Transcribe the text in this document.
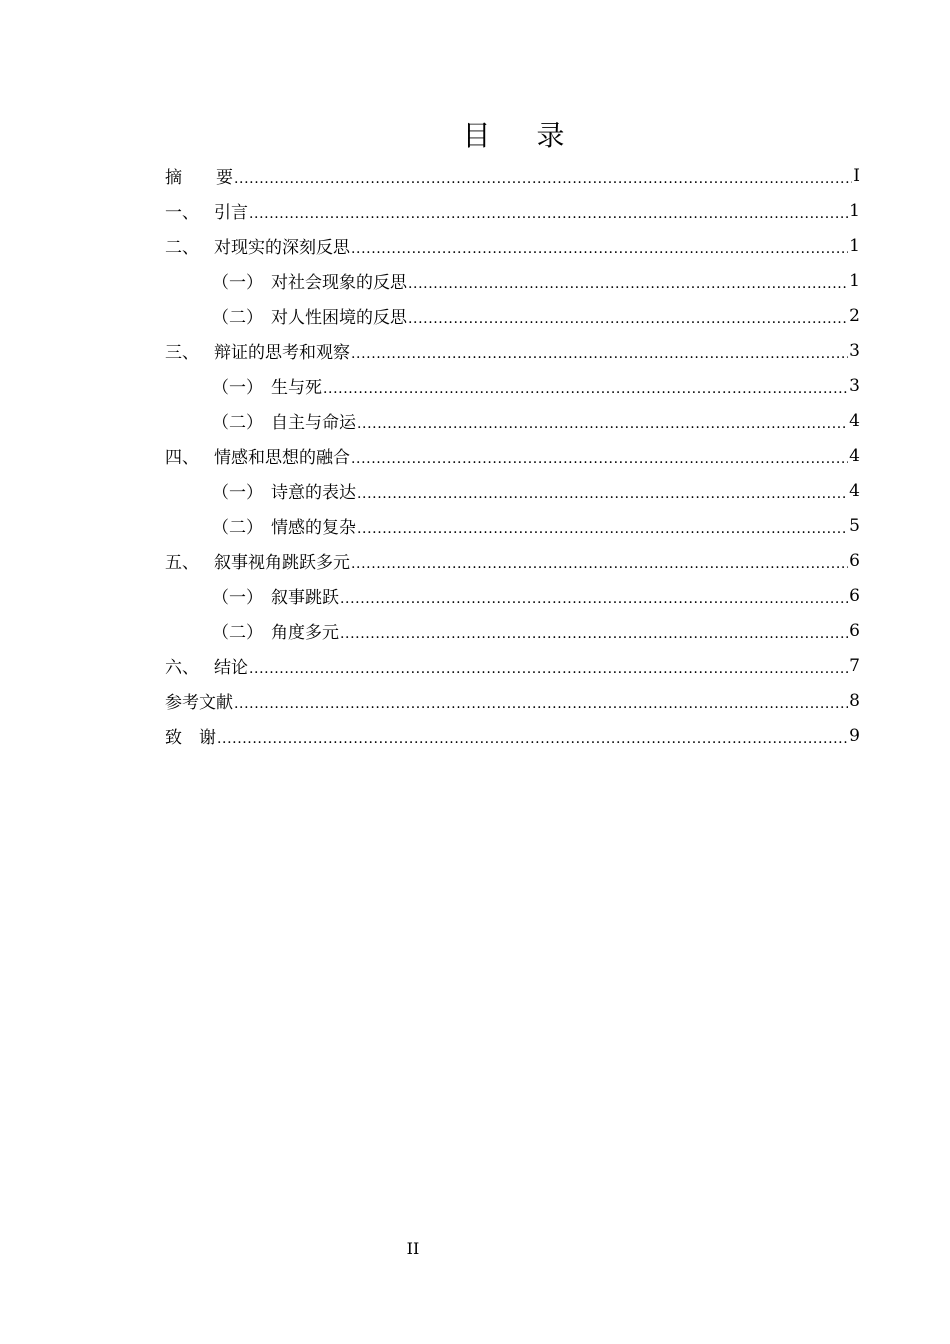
目 录
摘　　要 .....	I
一、 引言 .....	1
二、 对现实的深刻反思 .....	1
（一） 对社会现象的反思 .....	1
（二） 对人性困境的反思 .....	2
三、 辩证的思考和观察 .....	3
（一） 生与死 .....	3
（二） 自主与命运 .....	4
四、 情感和思想的融合 .....	4
（一） 诗意的表达 .....	4
（二） 情感的复杂 .....	5
五、 叙事视角跳跃多元 .....	6
（一） 叙事跳跃 .....	6
（二） 角度多元 .....	6
六、 结论 .....	7
参考文献 .....	8
致　谢 .....	9
II
